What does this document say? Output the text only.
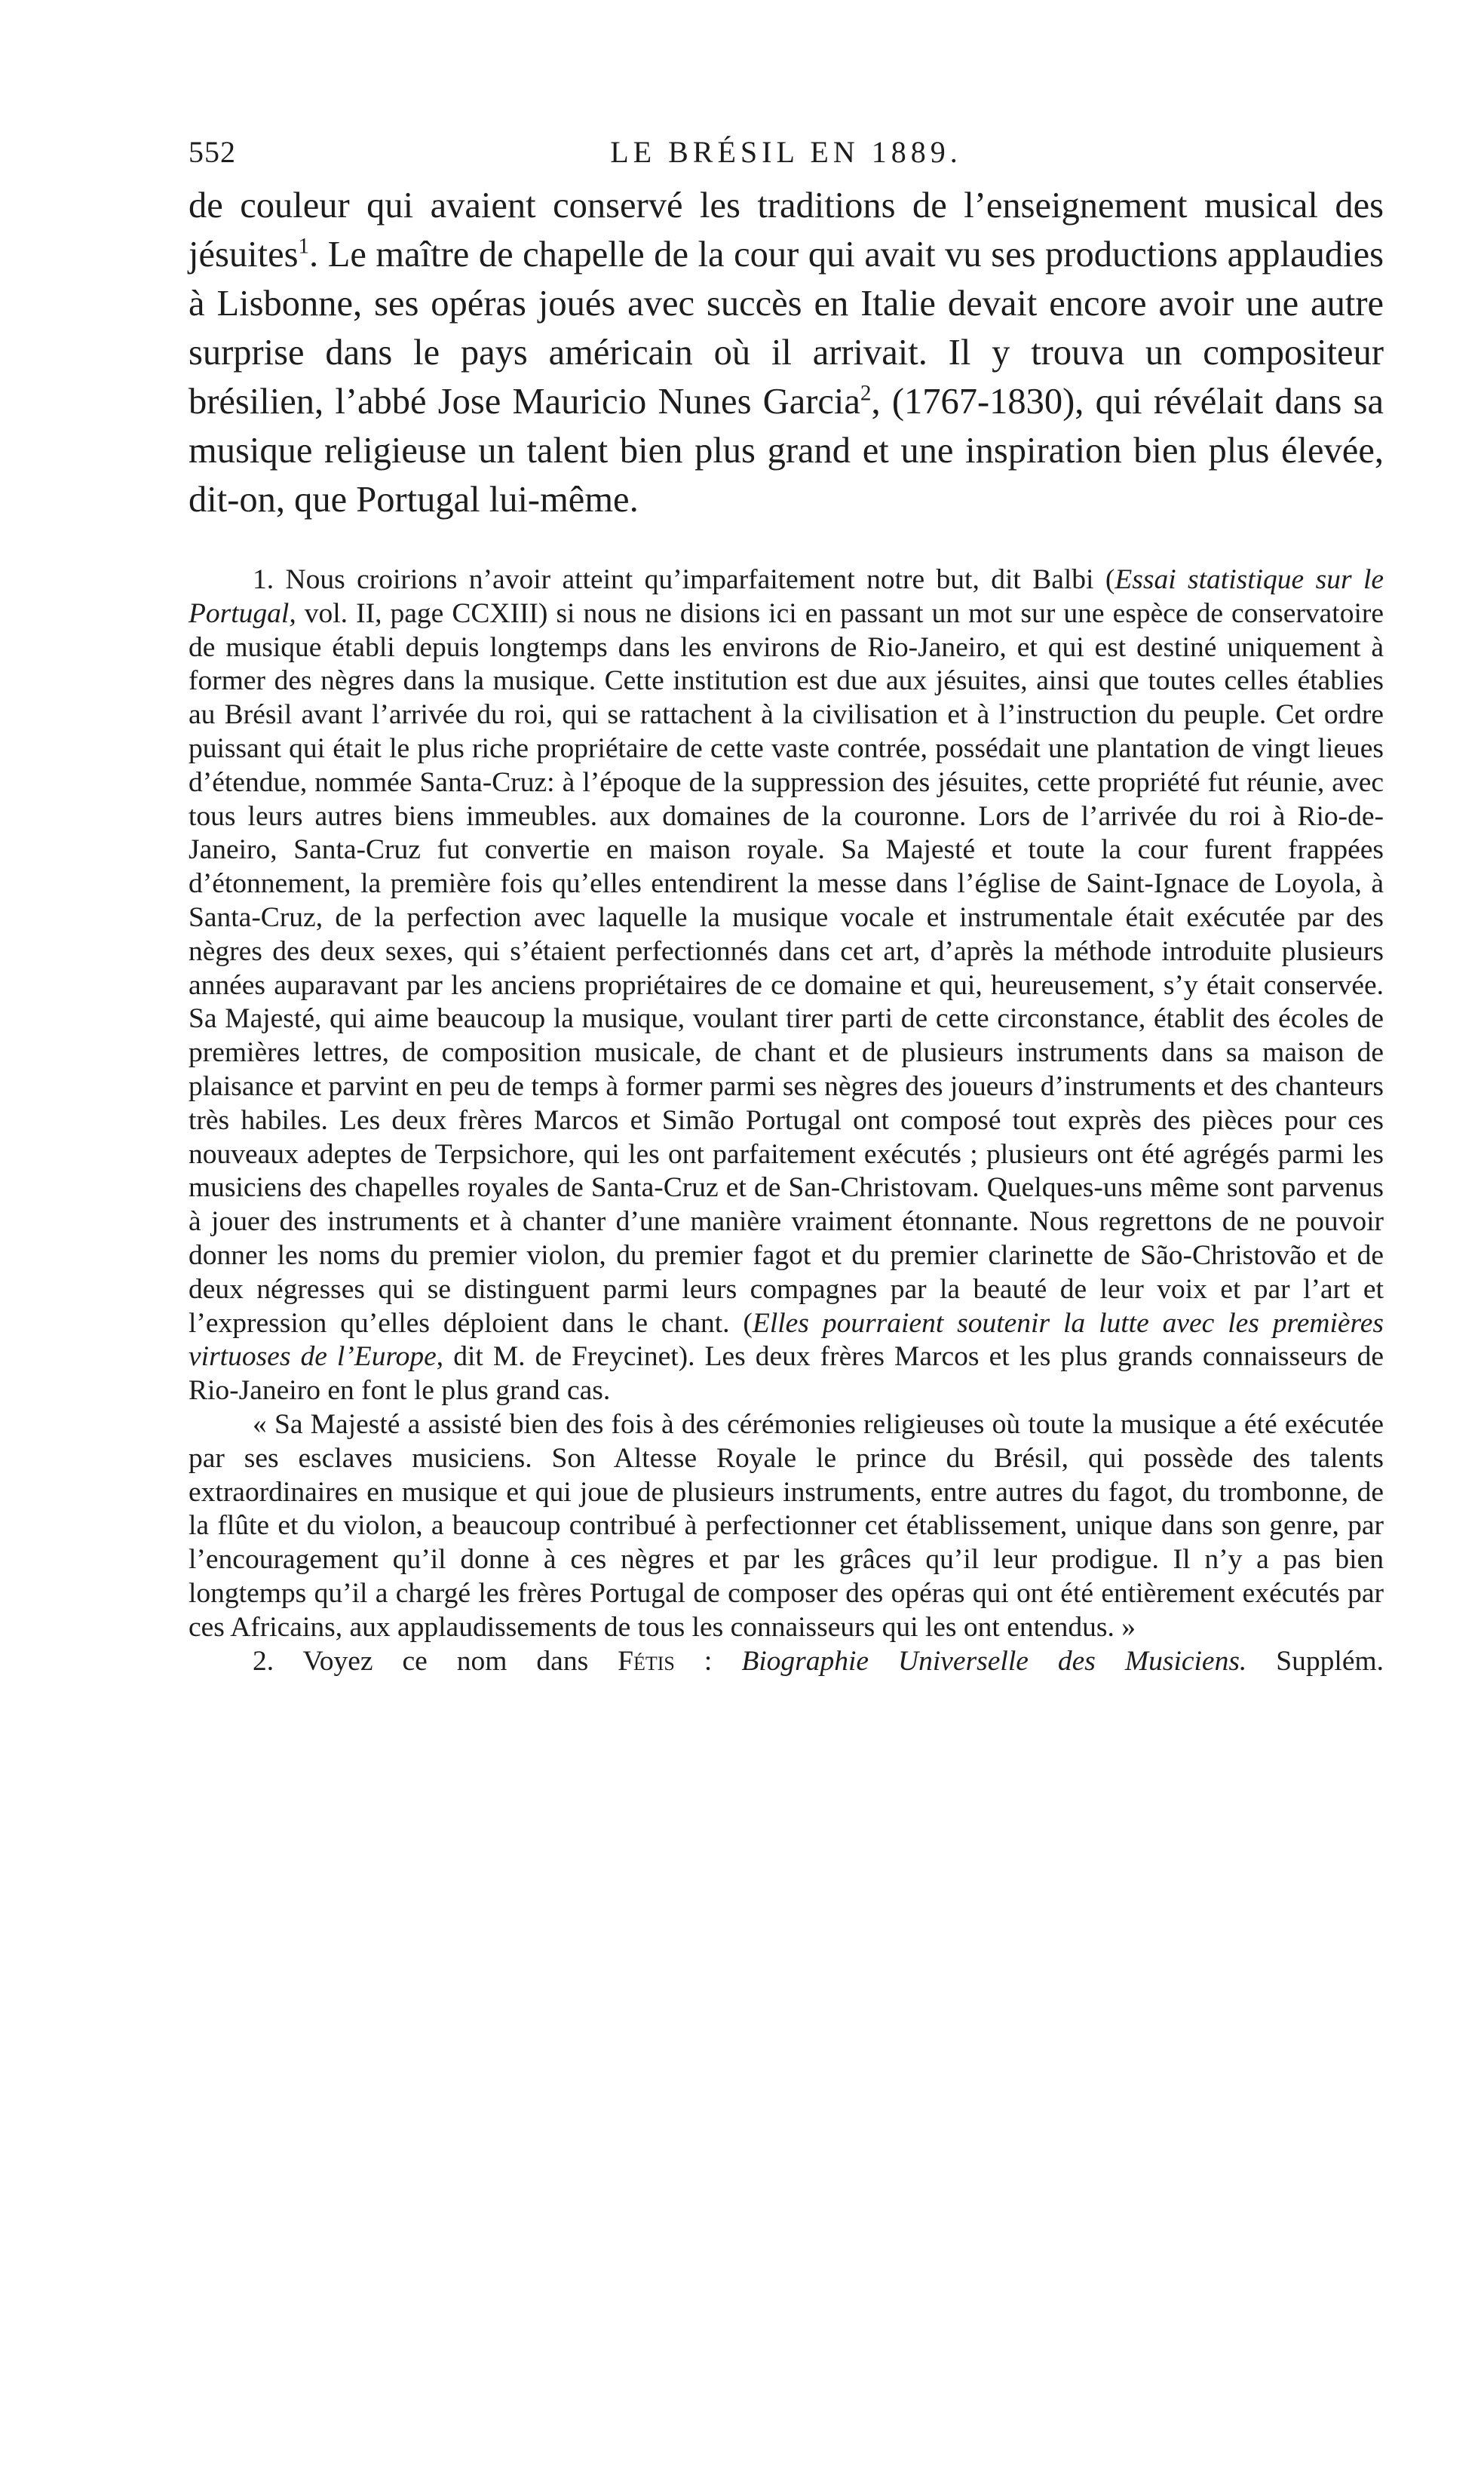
552	LE BRÉSIL EN 1889.

de couleur qui avaient conservé les traditions de l’enseignement musical des jésuites$^1$. Le maître de chapelle de la cour qui avait vu ses productions applaudies à Lisbonne, ses opéras joués avec succès en Italie devait encore avoir une autre surprise dans le pays américain où il arrivait. Il y trouva un compositeur brésilien, l’abbé Jose Mauricio Nunes Garcia$^2$, (1767-1830), qui révélait dans sa musique religieuse un talent bien plus grand et une inspiration bien plus élevée, dit-on, que Portugal lui-même.

1. Nous croirions n’avoir atteint qu’imparfaitement notre but, dit Balbi (Essai statistique sur le Portugal, vol. II, page CCXIII) si nous ne disions ici en passant un mot sur une espèce de conservatoire de musique établi depuis longtemps dans les environs de Rio-Janeiro, et qui est destiné uniquement à former des nègres dans la musique. Cette institution est due aux jésuites, ainsi que toutes celles établies au Brésil avant l’arrivée du roi, qui se rattachent à la civilisation et à l’instruction du peuple. Cet ordre puissant qui était le plus riche propriétaire de cette vaste contrée, possédait une plantation de vingt lieues d’étendue, nommée Santa-Cruz: à l’époque de la suppression des jésuites, cette propriété fut réunie, avec tous leurs autres biens immeubles. aux domaines de la couronne. Lors de l’arrivée du roi à Rio-de-Janeiro, Santa-Cruz fut convertie en maison royale. Sa Majesté et toute la cour furent frappées d’étonnement, la première fois qu’elles entendirent la messe dans l’église de Saint-Ignace de Loyola, à Santa-Cruz, de la perfection avec laquelle la musique vocale et instrumentale était exécutée par des nègres des deux sexes, qui s’étaient perfectionnés dans cet art, d’après la méthode introduite plusieurs années auparavant par les anciens propriétaires de ce domaine et qui, heureusement, s’y était conservée. Sa Majesté, qui aime beaucoup la musique, voulant tirer parti de cette circonstance, établit des écoles de premières lettres, de composition musicale, de chant et de plusieurs instruments dans sa maison de plaisance et parvint en peu de temps à former parmi ses nègres des joueurs d’instruments et des chanteurs très habiles. Les deux frères Marcos et Simão Portugal ont composé tout exprès des pièces pour ces nouveaux adeptes de Terpsichore, qui les ont parfaitement exécutés ; plusieurs ont été agrégés parmi les musiciens des chapelles royales de Santa-Cruz et de San-Christovam. Quelques-uns même sont parvenus à jouer des instruments et à chanter d’une manière vraiment étonnante. Nous regrettons de ne pouvoir donner les noms du premier violon, du premier fagot et du premier clarinette de São-Christovão et de deux négresses qui se distinguent parmi leurs compagnes par la beauté de leur voix et par l’art et l’expression qu’elles déploient dans le chant. (Elles pourraient soutenir la lutte avec les premières virtuoses de l’Europe, dit M. de Freycinet). Les deux frères Marcos et les plus grands connaisseurs de Rio-Janeiro en font le plus grand cas.

« Sa Majesté a assisté bien des fois à des cérémonies religieuses où toute la musique a été exécutée par ses esclaves musiciens. Son Altesse Royale le prince du Brésil, qui possède des talents extraordinaires en musique et qui joue de plusieurs instruments, entre autres du fagot, du trombonne, de la flûte et du violon, a beaucoup contribué à perfectionner cet établissement, unique dans son genre, par l’encouragement qu’il donne à ces nègres et par les grâces qu’il leur prodigue. Il n’y a pas bien longtemps qu’il a chargé les frères Portugal de composer des opéras qui ont été entièrement exécutés par ces Africains, aux applaudissements de tous les connaisseurs qui les ont entendus. »

2. Voyez ce nom dans Fétis : Biographie Universelle des Musiciens. Supplém.
